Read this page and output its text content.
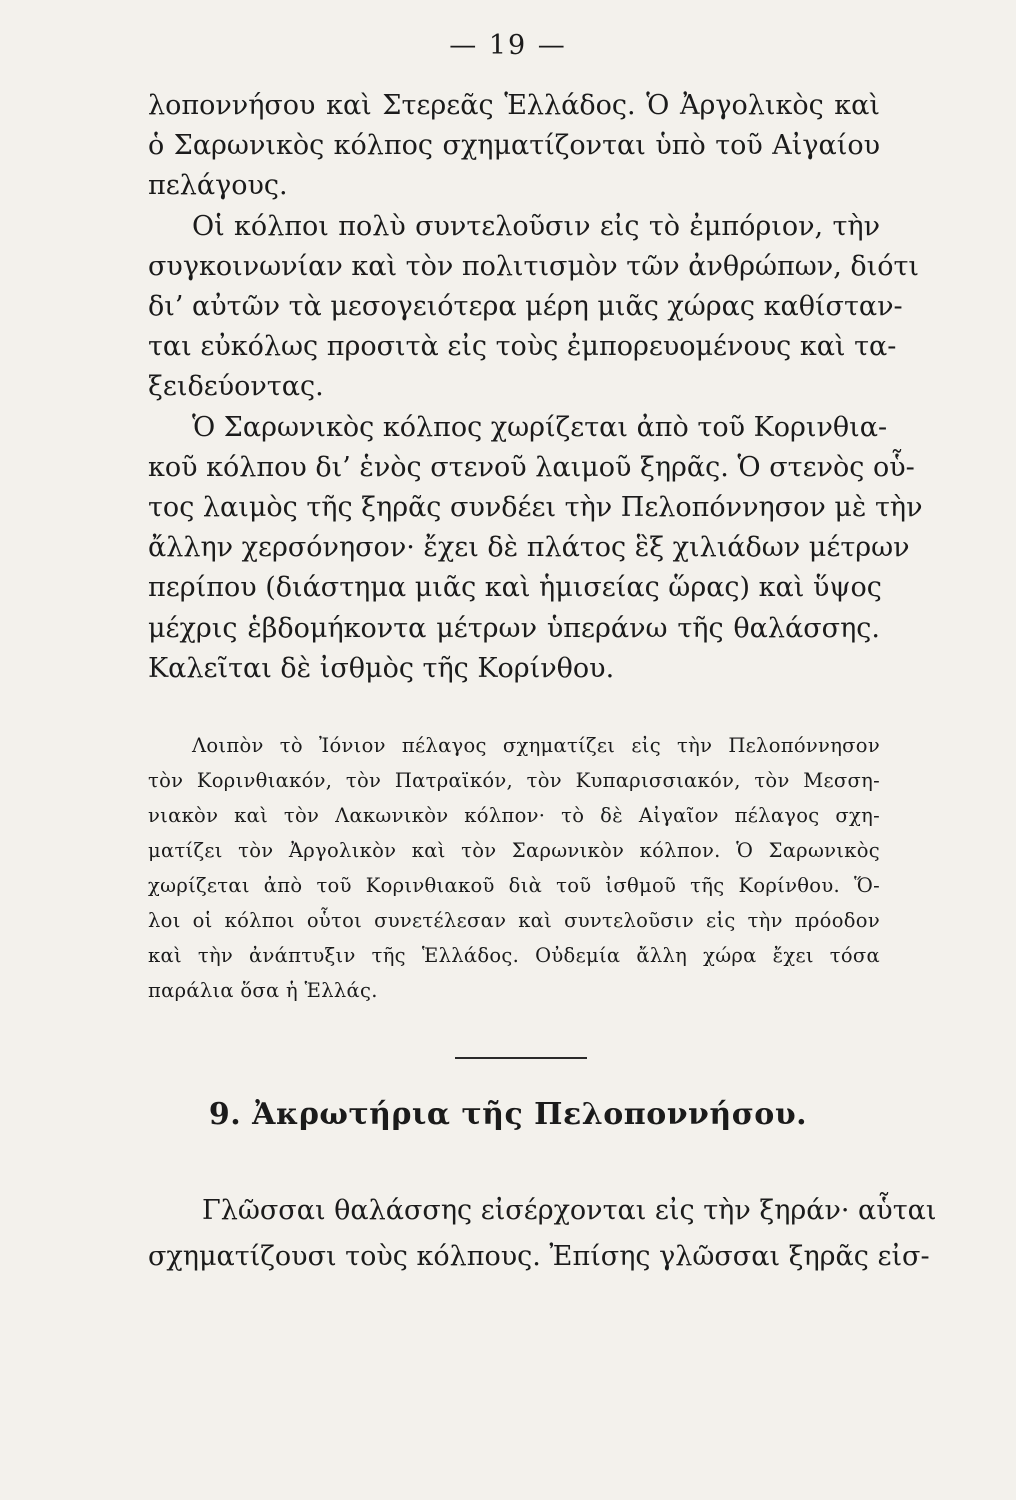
— 19 —
λοποννήσου καὶ Στερεᾶς Ἑλλάδος. Ὁ Ἀργολικὸς καὶ
ὁ Σαρωνικὸς κόλπος σχηματίζονται ὑπὸ τοῦ Αἰγαίου
πελάγους.
Οἱ κόλποι πολὺ συντελοῦσιν εἰς τὸ ἐμπόριον, τὴν
συγκοινωνίαν καὶ τὸν πολιτισμὸν τῶν ἀνθρώπων, διότι
δι’ αὐτῶν τὰ μεσογειότερα μέρη μιᾶς χώρας καθίσταν-
ται εὐκόλως προσιτὰ εἰς τοὺς ἐμπορευομένους καὶ τα-
ξειδεύοντας.
Ὁ Σαρωνικὸς κόλπος χωρίζεται ἀπὸ τοῦ Κορινθια-
κοῦ κόλπου δι’ ἑνὸς στενοῦ λαιμοῦ ξηρᾶς. Ὁ στενὸς οὗ-
τος λαιμὸς τῆς ξηρᾶς συνδέει τὴν Πελοπόννησον μὲ τὴν
ἄλλην χερσόνησον· ἔχει δὲ πλάτος ἓξ χιλιάδων μέτρων
περίπου (διάστημα μιᾶς καὶ ἡμισείας ὥρας) καὶ ὕψος
μέχρις ἑβδομήκοντα μέτρων ὑπεράνω τῆς θαλάσσης.
Καλεῖται δὲ ἰσθμὸς τῆς Κορίνθου.
Λοιπὸν τὸ Ἰόνιον πέλαγος σχηματίζει εἰς τὴν Πελοπόννησον
τὸν Κορινθιακόν, τὸν Πατραϊκόν, τὸν Κυπαρισσιακόν, τὸν Μεσση-
νιακὸν καὶ τὸν Λακωνικὸν κόλπον· τὸ δὲ Αἰγαῖον πέλαγος σχη-
ματίζει τὸν Ἀργολικὸν καὶ τὸν Σαρωνικὸν κόλπον. Ὁ Σαρωνικὸς
χωρίζεται ἀπὸ τοῦ Κορινθιακοῦ διὰ τοῦ ἰσθμοῦ τῆς Κορίνθου. Ὅ-
λοι οἱ κόλποι οὗτοι συνετέλεσαν καὶ συντελοῦσιν εἰς τὴν πρόοδον
καὶ τὴν ἀνάπτυξιν τῆς Ἑλλάδος. Οὐδεμία ἄλλη χώρα ἔχει τόσα
παράλια ὅσα ἡ Ἑλλάς.
9. Ἀκρωτήρια τῆς Πελοποννήσου.
Γλῶσσαι θαλάσσης εἰσέρχονται εἰς τὴν ξηράν· αὗται
σχηματίζουσι τοὺς κόλπους. Ἐπίσης γλῶσσαι ξηρᾶς εἰσ-
